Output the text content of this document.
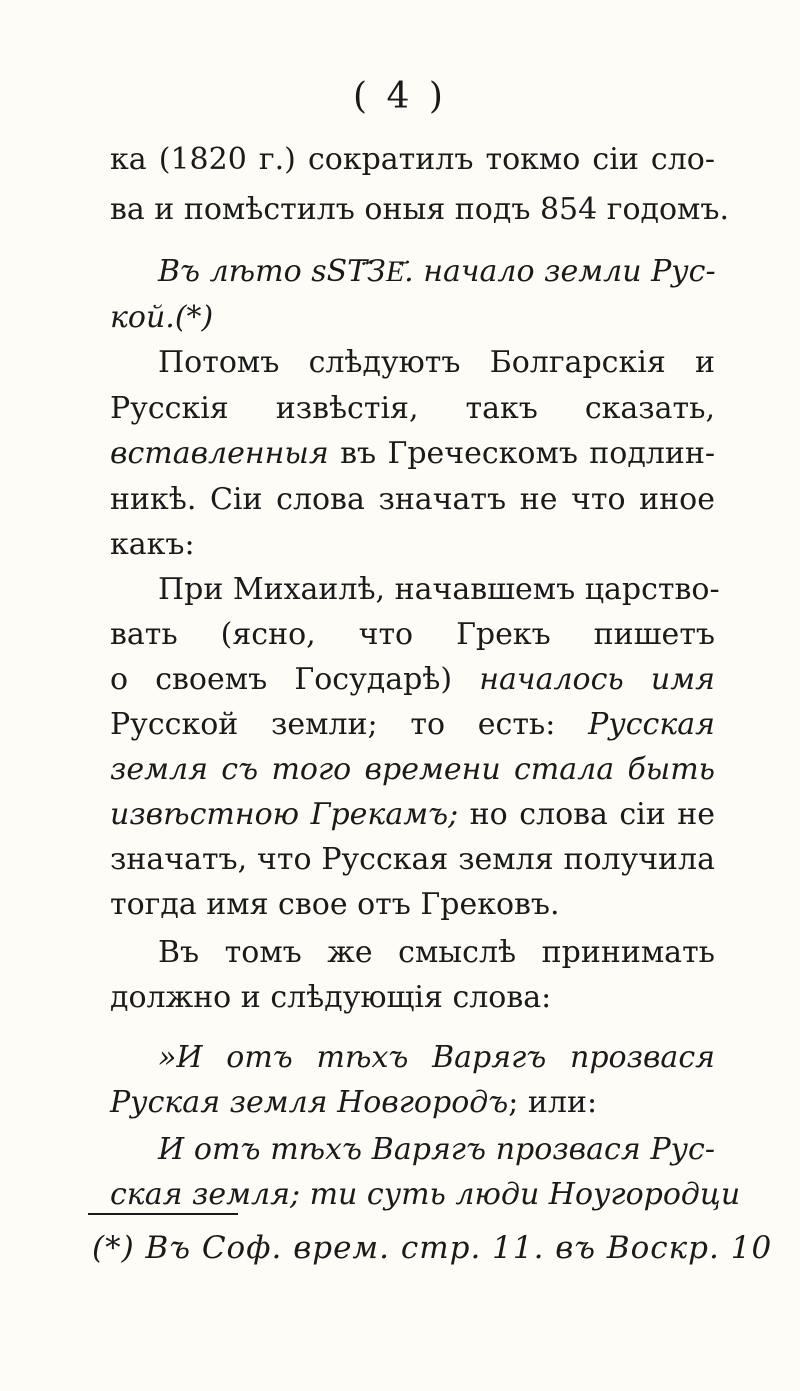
( 4 )
ка (1820 г.) сократилъ токмо сіи сло-
ва и помѣстилъ оныя подъ 854 годомъ.
Въ лѣто ѕST҃ЗЕ҃. начало земли Рус-
кой.(*)
Потомъ слѣдуютъ Болгарскія и
Русскія извѣстія, такъ сказать,
вставленныя въ Греческомъ подлин-
никѣ. Сіи слова значатъ не что иное
какъ:
При Михаилѣ, начавшемъ царство-
вать (ясно, что Грекъ пишетъ
о своемъ Государѣ) началось имя
Русской земли; то есть: Русская
земля съ того времени стала быть
извѣстною Грекамъ; но слова сіи не
значатъ, что Русская земля получила
тогда имя свое отъ Грековъ.
Въ томъ же смыслѣ принимать
должно и слѣдующія слова:
»И отъ тѣхъ Варягъ прозвася
Руская земля Новгородъ; или:
И отъ тѣхъ Варягъ прозвася Рус-
ская земля; ти суть люди Ноугородци
(*) Въ Соф. врем. стр. 11. въ Воскр. 10
